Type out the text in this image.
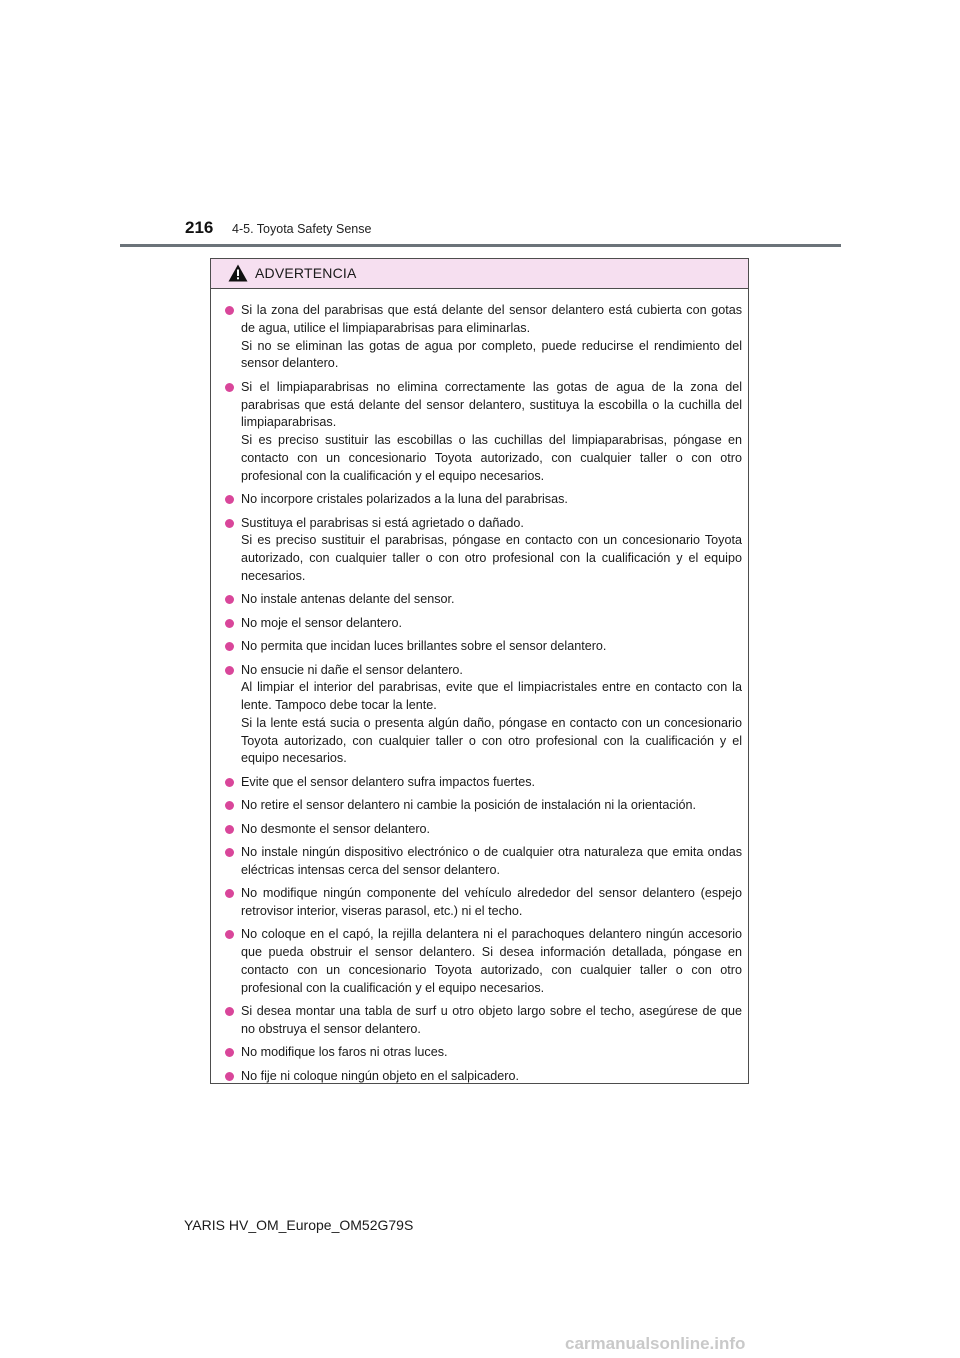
216 4-5. Toyota Safety Sense
ADVERTENCIA
Si la zona del parabrisas que está delante del sensor delantero está cubierta con gotas de agua, utilice el limpiaparabrisas para eliminarlas.
Si no se eliminan las gotas de agua por completo, puede reducirse el rendimiento del sensor delantero.
Si el limpiaparabrisas no elimina correctamente las gotas de agua de la zona del parabrisas que está delante del sensor delantero, sustituya la escobilla o la cuchilla del limpiaparabrisas.
Si es preciso sustituir las escobillas o las cuchillas del limpiaparabrisas, póngase en contacto con un concesionario Toyota autorizado, con cualquier taller o con otro profesional con la cualificación y el equipo necesarios.
No incorpore cristales polarizados a la luna del parabrisas.
Sustituya el parabrisas si está agrietado o dañado.
Si es preciso sustituir el parabrisas, póngase en contacto con un concesionario Toyota autorizado, con cualquier taller o con otro profesional con la cualificación y el equipo necesarios.
No instale antenas delante del sensor.
No moje el sensor delantero.
No permita que incidan luces brillantes sobre el sensor delantero.
No ensucie ni dañe el sensor delantero.
Al limpiar el interior del parabrisas, evite que el limpiacristales entre en contacto con la lente. Tampoco debe tocar la lente.
Si la lente está sucia o presenta algún daño, póngase en contacto con un concesionario Toyota autorizado, con cualquier taller o con otro profesional con la cualificación y el equipo necesarios.
Evite que el sensor delantero sufra impactos fuertes.
No retire el sensor delantero ni cambie la posición de instalación ni la orientación.
No desmonte el sensor delantero.
No instale ningún dispositivo electrónico o de cualquier otra naturaleza que emita ondas eléctricas intensas cerca del sensor delantero.
No modifique ningún componente del vehículo alrededor del sensor delantero (espejo retrovisor interior, viseras parasol, etc.) ni el techo.
No coloque en el capó, la rejilla delantera ni el parachoques delantero ningún accesorio que pueda obstruir el sensor delantero. Si desea información detallada, póngase en contacto con un concesionario Toyota autorizado, con cualquier taller o con otro profesional con la cualificación y el equipo necesarios.
Si desea montar una tabla de surf u otro objeto largo sobre el techo, asegúrese de que no obstruya el sensor delantero.
No modifique los faros ni otras luces.
No fije ni coloque ningún objeto en el salpicadero.
YARIS HV_OM_Europe_OM52G79S
carmanualsonline.info
